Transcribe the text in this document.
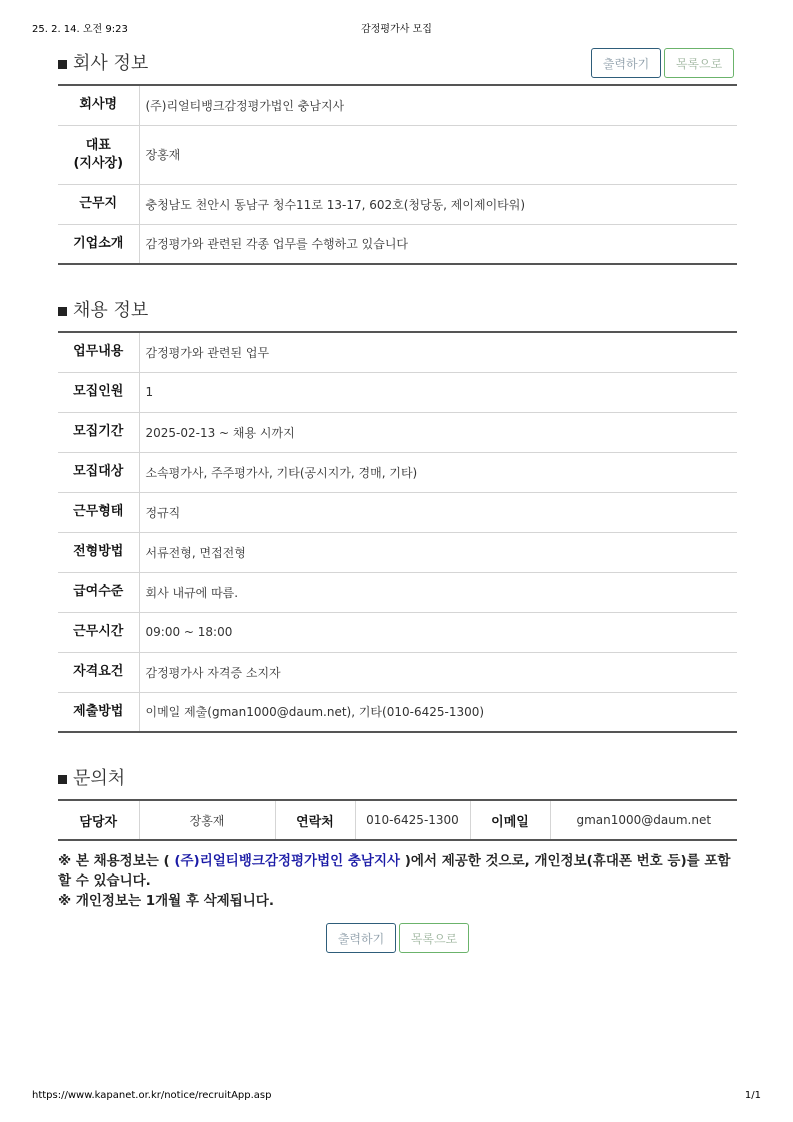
25. 2. 14. 오전 9:23	감정평가사 모집
회사 정보	출력하기	목록으로
회사명	(주)리얼티뱅크감정평가법인 충남지사
대표
(지사장)	장홍재
근무지	충청남도 천안시 동남구 청수11로 13-17, 602호(청당동, 제이제이타워)
기업소개	감정평가와 관련된 각종 업무를 수행하고 있습니다
채용 정보
업무내용	감정평가와 관련된 업무
모집인원	1
모집기간	2025-02-13 ~ 채용 시까지
모집대상	소속평가사, 주주평가사, 기타(공시지가, 경매, 기타)
근무형태	정규직
전형방법	서류전형, 면접전형
급여수준	회사 내규에 따름.
근무시간	09:00 ~ 18:00
자격요건	감정평가사 자격증 소지자
제출방법	이메일 제출(gman1000@daum.net), 기타(010-6425-1300)
문의처
담당자	장홍재	연락처	010-6425-1300	이메일	gman1000@daum.net

※ 본 채용정보는 ( (주)리얼티뱅크감정평가법인 충남지사 )에서 제공한 것으로, 개인정보(휴대폰 번호 등)를 포함할 수 있습니다.

※ 개인정보는 1개월 후 삭제됩니다.

출력하기	목록으로
https://www.kapanet.or.kr/notice/recruitApp.asp	1/1
